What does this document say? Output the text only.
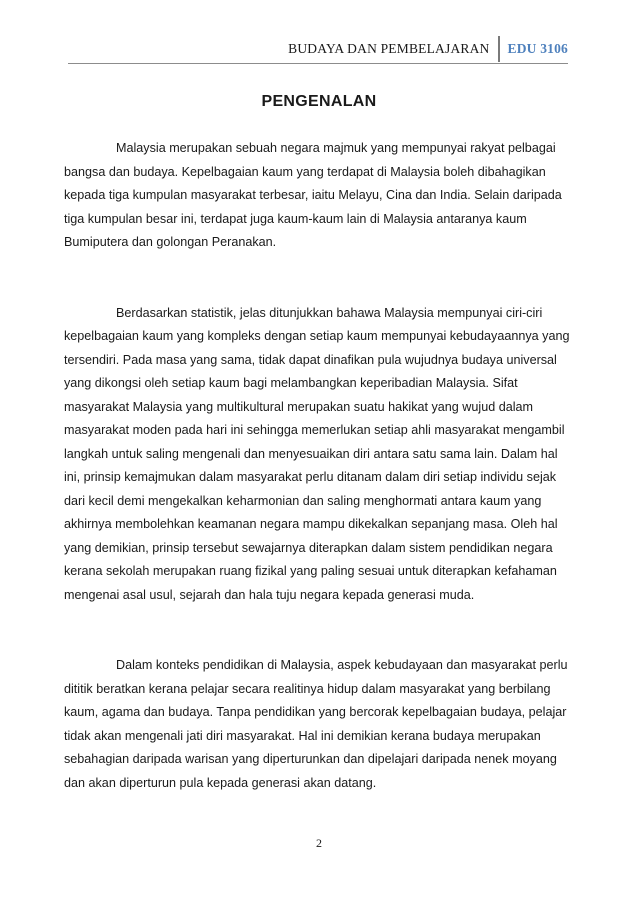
BUDAYA DAN PEMBELAJARAN	EDU 3106
PENGENALAN

Malaysia merupakan sebuah negara majmuk yang mempunyai rakyat pelbagai bangsa dan budaya. Kepelbagaian kaum yang terdapat di Malaysia boleh dibahagikan kepada tiga kumpulan masyarakat terbesar, iaitu Melayu, Cina dan India. Selain daripada tiga kumpulan besar ini, terdapat juga kaum-kaum lain di Malaysia antaranya kaum Bumiputera dan golongan Peranakan.

Berdasarkan statistik, jelas ditunjukkan bahawa Malaysia mempunyai ciri-ciri kepelbagaian kaum yang kompleks dengan setiap kaum mempunyai kebudayaannya yang tersendiri. Pada masa yang sama, tidak dapat dinafikan pula wujudnya budaya universal yang dikongsi oleh setiap kaum bagi melambangkan keperibadian Malaysia. Sifat masyarakat Malaysia yang multikultural merupakan suatu hakikat yang wujud dalam masyarakat moden pada hari ini sehingga memerlukan setiap ahli masyarakat mengambil langkah untuk saling mengenali dan menyesuaikan diri antara satu sama lain. Dalam hal ini, prinsip kemajmukan dalam masyarakat perlu ditanam dalam diri setiap individu sejak dari kecil demi mengekalkan keharmonian dan saling menghormati antara kaum yang akhirnya membolehkan keamanan negara mampu dikekalkan sepanjang masa. Oleh hal yang demikian, prinsip tersebut sewajarnya diterapkan dalam sistem pendidikan negara kerana sekolah merupakan ruang fizikal yang paling sesuai untuk diterapkan kefahaman mengenai asal usul, sejarah dan hala tuju negara kepada generasi muda.

Dalam konteks pendidikan di Malaysia, aspek kebudayaan dan masyarakat perlu dititik beratkan kerana pelajar secara realitinya hidup dalam masyarakat yang berbilang kaum, agama dan budaya. Tanpa pendidikan yang bercorak kepelbagaian budaya, pelajar tidak akan mengenali jati diri masyarakat. Hal ini demikian kerana budaya merupakan sebahagian daripada warisan yang diperturunkan dan dipelajari daripada nenek moyang dan akan diperturun pula kepada generasi akan datang.

2
